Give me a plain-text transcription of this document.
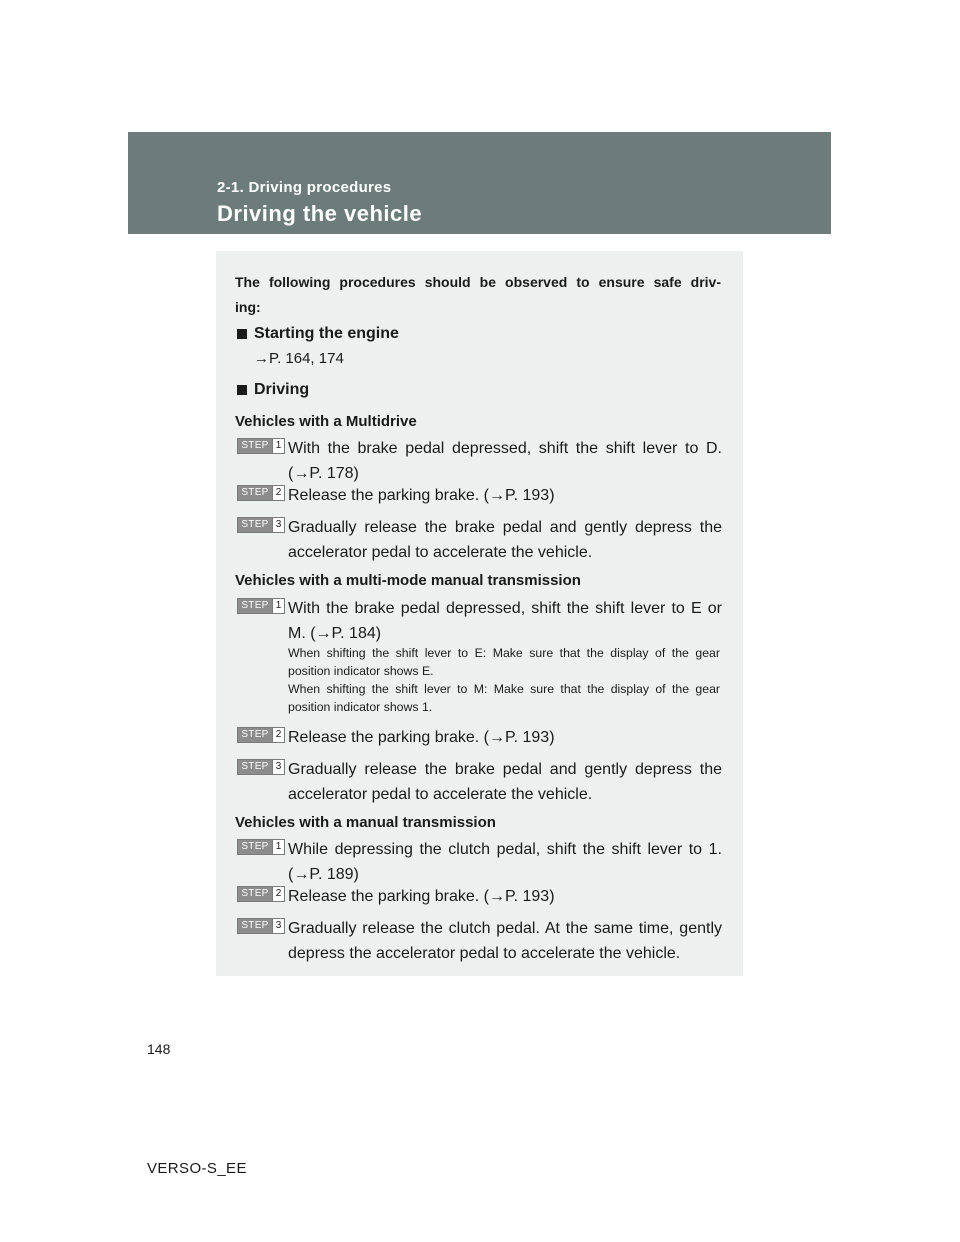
2-1. Driving procedures
Driving the vehicle
The following procedures should be observed to ensure safe driv-ing:
Starting the engine
→P. 164, 174
Driving
Vehicles with a Multidrive
STEP 1 With the brake pedal depressed, shift the shift lever to D. (→P. 178)
STEP 2 Release the parking brake. (→P. 193)
STEP 3 Gradually release the brake pedal and gently depress the accelerator pedal to accelerate the vehicle.
Vehicles with a multi-mode manual transmission
STEP 1 With the brake pedal depressed, shift the shift lever to E or M. (→P. 184)
When shifting the shift lever to E: Make sure that the display of the gear position indicator shows E.
When shifting the shift lever to M: Make sure that the display of the gear position indicator shows 1.
STEP 2 Release the parking brake. (→P. 193)
STEP 3 Gradually release the brake pedal and gently depress the accelerator pedal to accelerate the vehicle.
Vehicles with a manual transmission
STEP 1 While depressing the clutch pedal, shift the shift lever to 1. (→P. 189)
STEP 2 Release the parking brake. (→P. 193)
STEP 3 Gradually release the clutch pedal. At the same time, gently depress the accelerator pedal to accelerate the vehicle.
148
VERSO-S_EE
